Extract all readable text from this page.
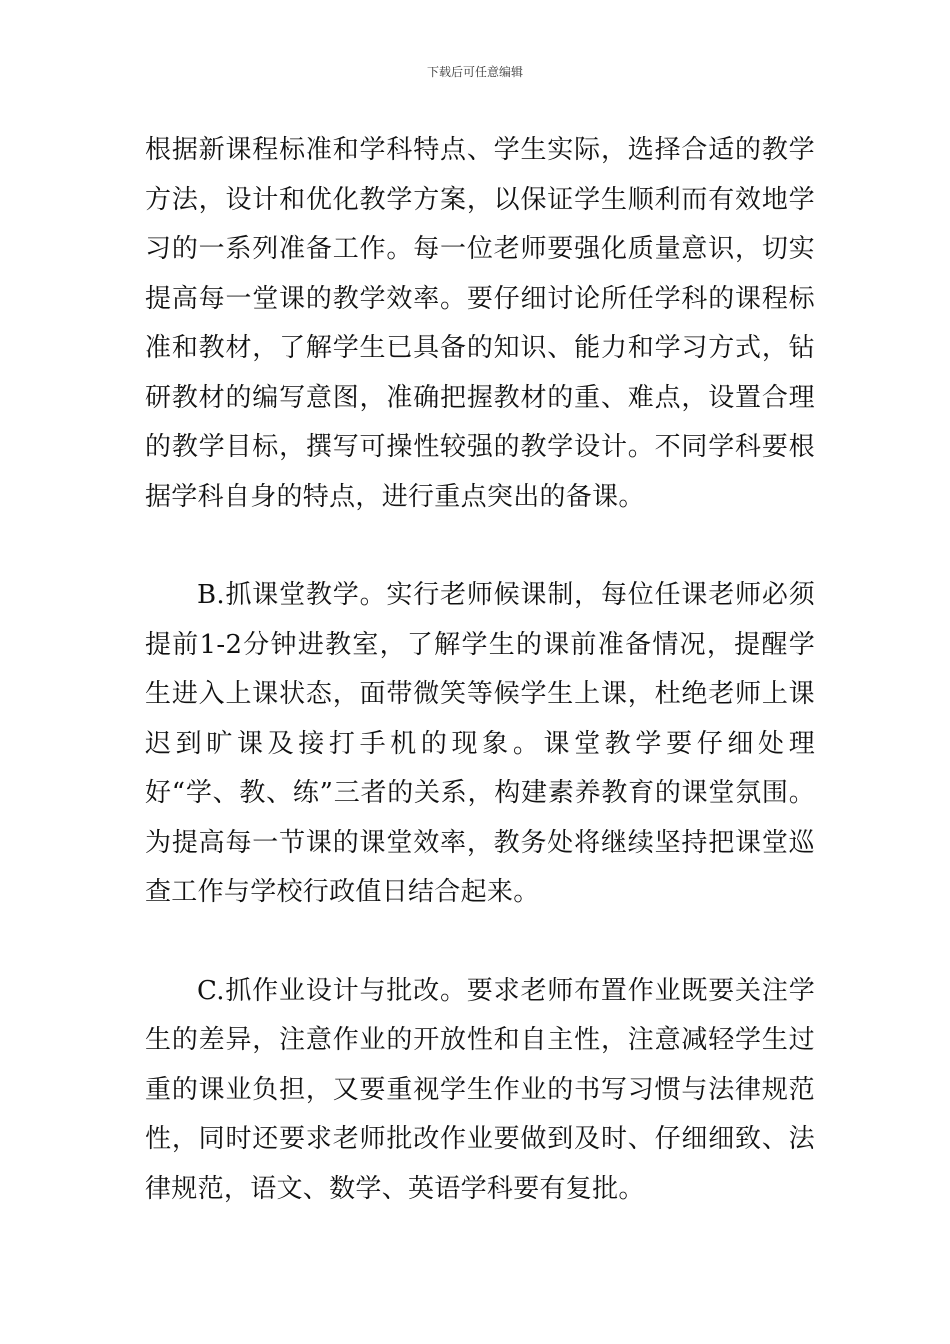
下载后可任意编辑

根据新课程标准和学科特点、学生实际，选择合适的教学方法，设计和优化教学方案，以保证学生顺利而有效地学习的一系列准备工作。每一位老师要强化质量意识，切实提高每一堂课的教学效率。要仔细讨论所任学科的课程标准和教材，了解学生已具备的知识、能力和学习方式，钻研教材的编写意图，准确把握教材的重、难点，设置合理的教学目标，撰写可操性较强的教学设计。不同学科要根据学科自身的特点，进行重点突出的备课。

B.抓课堂教学。实行老师候课制，每位任课老师必须提前1-2分钟进教室，了解学生的课前准备情况，提醒学生进入上课状态，面带微笑等候学生上课，杜绝老师上课迟到旷课及接打手机的现象。课堂教学要仔细处理好“学、教、练”三者的关系，构建素养教育的课堂氛围。为提高每一节课的课堂效率，教务处将继续坚持把课堂巡查工作与学校行政值日结合起来。

C.抓作业设计与批改。要求老师布置作业既要关注学生的差异，注意作业的开放性和自主性，注意减轻学生过重的课业负担，又要重视学生作业的书写习惯与法律规范性，同时还要求老师批改作业要做到及时、仔细细致、法律规范，语文、数学、英语学科要有复批。
